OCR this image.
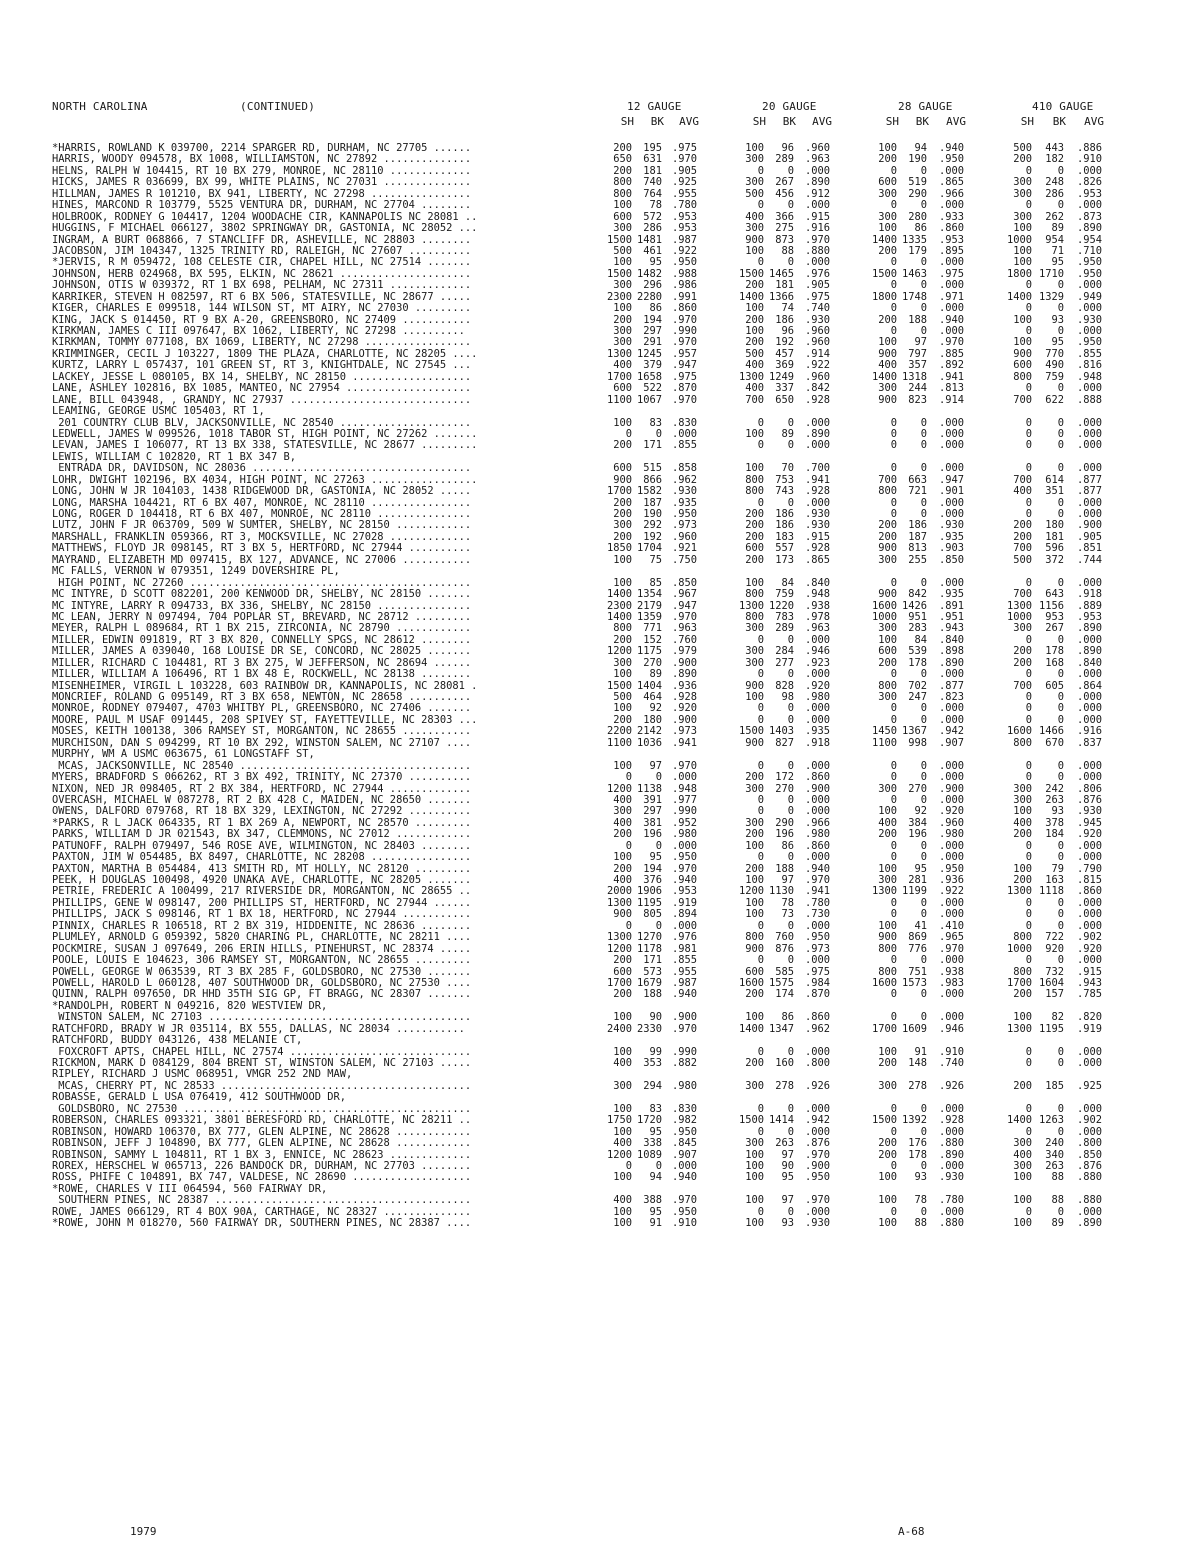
NORTH CAROLINA	(CONTINUED)	12 GAUGE	20 GAUGE	28 GAUGE	410 GAUGE
SH	BK	AVG	SH	BK	AVG	SH	BK	AVG	SH	BK	AVG
*HARRIS, ROWLAND K 039700, 2214 SPARGER RD, DURHAM, NC 27705 ......	200	195 .975	100	96	.960	100	94	.940	500	443	.886
HARRIS, WOODY 094578, BX 1008, WILLIAMSTON, NC 27892 ..............	650	631 .970	300	289	.963	200	190	.950	200	182	.910
HELNS, RALPH W 104415, RT 10 BX 279, MONROE, NC 28110 .............	200	181 .905	0	0	.000	0	0	.000	0	0	.000
HICKS, JAMES R 036699, BX 99, WHITE PLAINS, NC 27031 ..............	800	740 .925	300	267	.890	600	519	.865	300	248	.826
HILLMAN, JAMES R 101210, BX 941, LIBERTY, NC 27298 ................	800	764 .955	500	456	.912	300	290	.966	300	286	.953
HINES, MARCOND R 103779, 5525 VENTURA DR, DURHAM, NC 27704 ........	100	78 .780	0	0	.000	0	0	.000	0	0	.000
HOLBROOK, RODNEY G 104417, 1204 WOODACHE CIR, KANNAPOLIS NC 28081 ..	600	572 .953	400	366	.915	300	280	.933	300	262	.873
HUGGINS, F MICHAEL 066127, 3802 SPRINGWAY DR, GASTONIA, NC 28052 ...	300	286 .953	300	275	.916	100	86	.860	100	89	.890
INGRAM, A BURT 068866, 7 STANCLIFF DR, ASHEVILLE, NC 28803 ........	1500 1481 .987	900	873	.970	1400 1335	.953	1000	954	.954
JACOBSON, JIM 104347, 1325 TRINITY RD, RALEIGH, NC 27607 ..........	500	461 .922	100	88	.880	200	179	.895	100	71	.710
*JERVIS, R M 059472, 108 CELESTE CIR, CHAPEL HILL, NC 27514 .......	100	95 .950	0	0	.000	0	0	.000	100	95	.950
JOHNSON, HERB 024968, BX 595, ELKIN, NC 28621 .....................	1500 1482 .988	1500 1465	.976	1500 1463	.975	1800 1710	.950
JOHNSON, OTIS W 039372, RT 1 BX 698, PELHAM, NC 27311 .............	300	296 .986	200	181	.905	0	0	.000	0	0	.000
KARRIKER, STEVEN H 082597, RT 6 BX 506, STATESVILLE, NC 28677 .....	2300 2280 .991	1400 1366	.975	1800 1748	.971	1400 1329	.949
KIGER, CHARLES E 099518, 144 WILSON ST, MT AIRY, NC 27030 .........	100	86 .860	100	74	.740	0	0	.000	0	0	.000
KING, JACK S 014450, RT 9 BX A-20, GREENSBORO, NC 27409 ...........	200	194 .970	200	186	.930	200	188	.940	100	93	.930
KIRKMAN, JAMES C III 097647, BX 1062, LIBERTY, NC 27298 ..........	300	297 .990	100	96	.960	0	0	.000	0	0	.000
KIRKMAN, TOMMY 077108, BX 1069, LIBERTY, NC 27298 .................	300	291 .970	200	192	.960	100	97	.970	100	95	.950
KRIMMINGER, CECIL J 103227, 1809 THE PLAZA, CHARLOTTE, NC 28205 ....	1300 1245 .957	500	457	.914	900	797	.885	900	770	.855
KURTZ, LARRY L 057437, 101 GREEN ST, RT 3, KNIGHTDALE, NC 27545 ...	400	379 .947	400	369	.922	400	357	.892	600	490	.816
LACKEY, JESSE L 080105, BX 14, SHELBY, NC 28150 ...................	1700 1658 .975	1300 1249	.960	1400 1318	.941	800	759	.948
LANE, ASHLEY 102816, BX 1085, MANTEO, NC 27954 ....................	600	522 .870	400	337	.842	300	244	.813	0	0	.000
LANE, BILL 043948, , GRANDY, NC 27937 .............................	1100 1067 .970	700	650	.928	900	823	.914	700	622	.888
LEAMING, GEORGE USMC 105403, RT 1,
201 COUNTRY CLUB BLV, JACKSONVILLE, NC 28540 .....................	100	83 .830	0	0	.000	0	0	.000	0	0	.000
LEDWELL, JAMES W 099526, 1018 TABOR ST, HIGH POINT, NC 27262 .......	0	0 .000	100	89	.890	0	0	.000	0	0	.000
LEVAN, JAMES I 106077, RT 13 BX 338, STATESVILLE, NC 28677 .........	200	171 .855	0	0	.000	0	0	.000	0	0	.000
LEWIS, WILLIAM C 102820, RT 1 BX 347 B,
ENTRADA DR, DAVIDSON, NC 28036 ...................................	600	515 .858	100	70	.700	0	0	.000	0	0	.000
LOHR, DWIGHT 102196, BX 4034, HIGH POINT, NC 27263 .................	900	866 .962	800	753	.941	700	663	.947	700	614	.877
LONG, JOHN W JR 104103, 1438 RIDGEWOOD DR, GASTONIA, NC 28052 .....	1700 1582 .930	800	743	.928	800	721	.901	400	351	.877
LONG, MARSHA 104421, RT 6 BX 407, MONROE, NC 28110 ................	200	187 .935	0	0	.000	0	0	.000	0	0	.000
LONG, ROGER D 104418, RT 6 BX 407, MONROE, NC 28110 ...............	200	190 .950	200	186	.930	0	0	.000	0	0	.000
LUTZ, JOHN F JR 063709, 509 W SUMTER, SHELBY, NC 28150 ............	300	292 .973	200	186	.930	200	186	.930	200	180	.900
MARSHALL, FRANKLIN 059366, RT 3, MOCKSVILLE, NC 27028 .............	200	192 .960	200	183	.915	200	187	.935	200	181	.905
MATTHEWS, FLOYD JR 098145, RT 3 BX 5, HERTFORD, NC 27944 ..........	1850 1704 .921	600	557	.928	900	813	.903	700	596	.851
MAYRAND, ELIZABETH MD 097415, BX 127, ADVANCE, NC 27006 ...........	100	75 .750	200	173	.865	300	255	.850	500	372	.744
MC FALLS, VERNON W 079351, 1249 DOVERSHIRE PL,
HIGH POINT, NC 27260 .............................................	100	85 .850	100	84	.840	0	0	.000	0	0	.000
MC INTYRE, D SCOTT 082201, 200 KENWOOD DR, SHELBY, NC 28150 .......	1400 1354 .967	800	759	.948	900	842	.935	700	643	.918
MC INTYRE, LARRY R 094733, BX 336, SHELBY, NC 28150 ...............	2300 2179 .947	1300 1220	.938	1600 1426	.891	1300 1156	.889
MC LEAN, JERRY N 097494, 704 POPLAR ST, BREVARD, NC 28712 .........	1400 1359 .970	800	783	.978	1000	951	.951	1000	953	.953
MEYER, RALPH L 089684, RT 1 BX 215, ZIRCONIA, NC 28790 ............	800	771 .963	300	289	.963	300	283	.943	300	267	.890
MILLER, EDWIN 091819, RT 3 BX 820, CONNELLY SPGS, NC 28612 ........	200	152 .760	0	0	.000	100	84	.840	0	0	.000
MILLER, JAMES A 039040, 168 LOUISE DR SE, CONCORD, NC 28025 .......	1200 1175 .979	300	284	.946	600	539	.898	200	178	.890
MILLER, RICHARD C 104481, RT 3 BX 275, W JEFFERSON, NC 28694 ......	300	270 .900	300	277	.923	200	178	.890	200	168	.840
MILLER, WILLIAM A 106496, RT 1 BX 48 E, ROCKWELL, NC 28138 ........	100	89 .890	0	0	.000	0	0	.000	0	0	.000
MISENHEIMER, VIRGIL L 103228, 603 RAINBOW DR, KANNAPOLIS, NC 28081 .	1500 1404 .936	900	828	.920	800	702	.877	700	605	.864
MONCRIEF, ROLAND G 095149, RT 3 BX 658, NEWTON, NC 28658 ..........	500	464 .928	100	98	.980	300	247	.823	0	0	.000
MONROE, RODNEY 079407, 4703 WHITBY PL, GREENSBORO, NC 27406 .......	100	92 .920	0	0	.000	0	0	.000	0	0	.000
MOORE, PAUL M USAF 091445, 208 SPIVEY ST, FAYETTEVILLE, NC 28303 ...	200	180 .900	0	0	.000	0	0	.000	0	0	.000
MOSES, KEITH 100138, 306 RAMSEY ST, MORGANTON, NC 28655 ...........	2200 2142 .973	1500 1403	.935	1450 1367	.942	1600 1466	.916
MURCHISON, DAN S 094299, RT 10 BX 292, WINSTON SALEM, NC 27107 ....	1100 1036 .941	900	827	.918	1100	998	.907	800	670	.837
MURPHY, WM A USMC 063675, 61 LONGSTAFF ST,
MCAS, JACKSONVILLE, NC 28540 .....................................	100	97 .970	0	0	.000	0	0	.000	0	0	.000
MYERS, BRADFORD S 066262, RT 3 BX 492, TRINITY, NC 27370 ..........	0	0 .000	200	172	.860	0	0	.000	0	0	.000
NIXON, NED JR 098405, RT 2 BX 384, HERTFORD, NC 27944 .............	1200 1138 .948	300	270	.900	300	270	.900	300	242	.806
OVERCASH, MICHAEL W 087278, RT 2 BX 428 C, MAIDEN, NC 28650 .......	400	391 .977	0	0	.000	0	0	.000	300	263	.876
OWENS, DALFORD 079768, RT 18 BX 329, LEXINGTON, NC 27292 ..........	300	297 .990	0	0	.000	100	92	.920	100	93	.930
*PARKS, R L JACK 064335, RT 1 BX 269 A, NEWPORT, NC 28570 .........	400	381 .952	300	290	.966	400	384	.960	400	378	.945
PARKS, WILLIAM D JR 021543, BX 347, CLEMMONS, NC 27012 ............	200	196 .980	200	196	.980	200	196	.980	200	184	.920
PATUNOFF, RALPH 079497, 546 ROSE AVE, WILMINGTON, NC 28403 ........	0	0 .000	100	86	.860	0	0	.000	0	0	.000
PAXTON, JIM W 054485, BX 8497, CHARLOTTE, NC 28208 ................	100	95 .950	0	0	.000	0	0	.000	0	0	.000
PAXTON, MARTHA B 054484, 413 SMITH RD, MT HOLLY, NC 28120 .........	200	194 .970	200	188	.940	100	95	.950	100	79	.790
PEEK, H DOUGLAS 100498, 4920 UNAKA AVE, CHARLOTTE, NC 28205 .......	400	376 .940	100	97	.970	300	281	.936	200	163	.815
PETRIE, FREDERIC A 100499, 217 RIVERSIDE DR, MORGANTON, NC 28655 ..	2000 1906 .953	1200 1130	.941	1300 1199	.922	1300 1118	.860
PHILLIPS, GENE W 098147, 200 PHILLIPS ST, HERTFORD, NC 27944 ......	1300 1195 .919	100	78	.780	0	0	.000	0	0	.000
PHILLIPS, JACK S 098146, RT 1 BX 18, HERTFORD, NC 27944 ...........	900	805 .894	100	73	.730	0	0	.000	0	0	.000
PINNIX, CHARLES R 106518, RT 2 BX 319, HIDDENITE, NC 28636 ........	0	0 .000	0	0	.000	100	41	.410	0	0	.000
PLUMLEY, ARNOLD G 059392, 5820 CHARING PL, CHARLOTTE, NC 28211 ....	1300 1270 .976	800	760	.950	900	869	.965	800	722	.902
POCKMIRE, SUSAN J 097649, 206 ERIN HILLS, PINEHURST, NC 28374 .....	1200 1178 .981	900	876	.973	800	776	.970	1000	920	.920
POOLE, LOUIS E 104623, 306 RAMSEY ST, MORGANTON, NC 28655 .........	200	171 .855	0	0	.000	0	0	.000	0	0	.000
POWELL, GEORGE W 063539, RT 3 BX 285 F, GOLDSBORO, NC 27530 .......	600	573 .955	600	585	.975	800	751	.938	800	732	.915
POWELL, HAROLD L 060128, 407 SOUTHWOOD DR, GOLDSBORO, NC 27530 ....	1700 1679 .987	1600 1575	.984	1600 1573	.983	1700 1604	.943
QUINN, RALPH 097650, DR HHD 35TH SIG GP, FT BRAGG, NC 28307 .......	200	188 .940	200	174	.870	0	0	.000	200	157	.785
*RANDOLPH, ROBERT N 049216, 820 WESTVIEW DR,
WINSTON SALEM, NC 27103 ..........................................	100	90 .900	100	86	.860	0	0	.000	100	82	.820
RATCHFORD, BRADY W JR 035114, BX 555, DALLAS, NC 28034 ...........	2400 2330 .970	1400 1347	.962	1700 1609	.946	1300 1195	.919
RATCHFORD, BUDDY 043126, 438 MELANIE CT,
FOXCROFT APTS, CHAPEL HILL, NC 27574 .............................	100	99 .990	0	0	.000	100	91	.910	0	0	.000
RICKMON, MARK D 084129, 804 BRENT ST, WINSTON SALEM, NC 27103 .....	400	353 .882	200	160	.800	200	148	.740	0	0	.000
RIPLEY, RICHARD J USMC 068951, VMGR 252 2ND MAW,
MCAS, CHERRY PT, NC 28533 ........................................	300	294 .980	300	278	.926	300	278	.926	200	185	.925
ROBASSE, GERALD L USA 076419, 412 SOUTHWOOD DR,
GOLDSBORO, NC 27530 ..............................................	100	83 .830	0	0	.000	0	0	.000	0	0	.000
ROBERSON, CHARLES 093321, 3801 BERESFORD RD, CHARLOTTE, NC 28211 ..	1750 1720 .982	1500 1414	.942	1500 1392	.928	1400 1263	.902
ROBINSON, HOWARD 106370, BX 777, GLEN ALPINE, NC 28628 ............	100	95 .950	0	0	.000	0	0	.000	0	0	.000
ROBINSON, JEFF J 104890, BX 777, GLEN ALPINE, NC 28628 ............	400	338 .845	300	263	.876	200	176	.880	300	240	.800
ROBINSON, SAMMY L 104811, RT 1 BX 3, ENNICE, NC 28623 .............	1200 1089 .907	100	97	.970	200	178	.890	400	340	.850
ROREX, HERSCHEL W 065713, 226 BANDOCK DR, DURHAM, NC 27703 ........	0	0 .000	100	90	.900	0	0	.000	300	263	.876
ROSS, PHIFE C 104891, BX 747, VALDESE, NC 28690 ...................	100	94 .940	100	95	.950	100	93	.930	100	88	.880
*ROWE, CHARLES V III 064594, 560 FAIRWAY DR,
SOUTHERN PINES, NC 28387 .........................................	400	388 .970	100	97	.970	100	78	.780	100	88	.880
ROWE, JAMES 066129, RT 4 BOX 90A, CARTHAGE, NC 28327 ..............	100	95 .950	0	0	.000	0	0	.000	0	0	.000
*ROWE, JOHN M 018270, 560 FAIRWAY DR, SOUTHERN PINES, NC 28387 ....	100	91 .910	100	93	.930	100	88	.880	100	89	.890
1979	A-68
